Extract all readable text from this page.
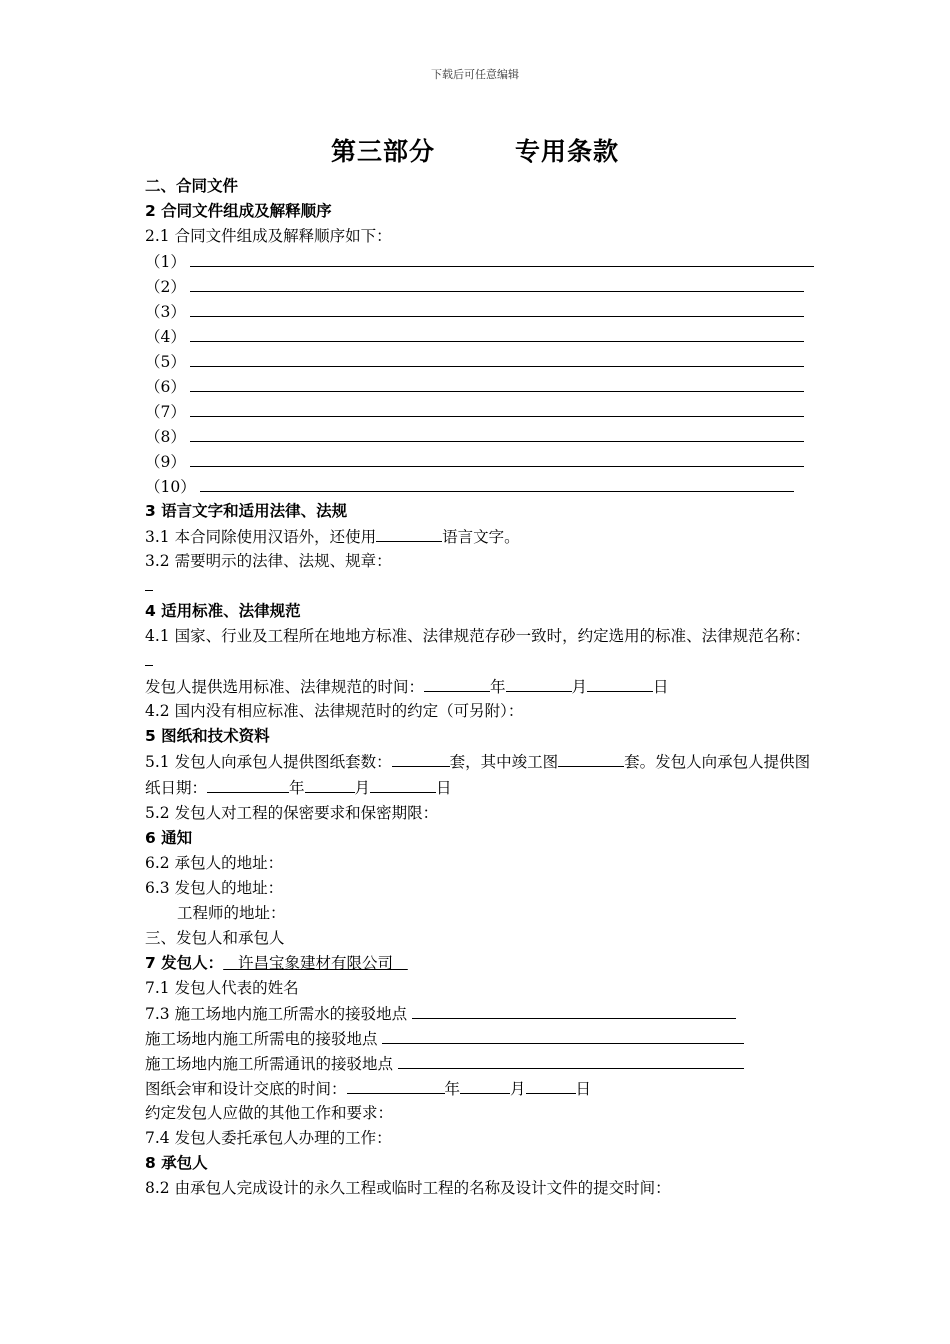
下载后可任意编辑
第三部分	专用条款
二、合同文件
2 合同文件组成及解释顺序
2.1 合同文件组成及解释顺序如下：
（1）
（2）
（3）
（4）
（5）
（6）
（7）
（8）
（9）
（10）
3 语言文字和适用法律、法规
3.1 本合同除使用汉语外，还使用	语言文字。
3.2 需要明示的法律、法规、规章：
4 适用标准、法律规范
4.1 国家、行业及工程所在地地方标准、法律规范存砂一致时，约定选用的标准、法律规范名称：
发包人提供选用标准、法律规范的时间：	年	月	日
4.2 国内没有相应标准、法律规范时的约定（可另附）：
5 图纸和技术资料
5.1 发包人向承包人提供图纸套数：	套，其中竣工图	套。发包人向承包人提供图纸日期：	年	月	日
5.2 发包人对工程的保密要求和保密期限：
6 通知
6.2 承包人的地址：
6.3 发包人的地址：
工程师的地址：
三、发包人和承包人
7 发包人： 许昌宝象建材有限公司
7.1 发包人代表的姓名
7.3 施工场地内施工所需水的接驳地点
施工场地内施工所需电的接驳地点
施工场地内施工所需通讯的接驳地点
图纸会审和设计交底的时间：	年	月	日
约定发包人应做的其他工作和要求：
7.4 发包人委托承包人办理的工作：
8 承包人
8.2 由承包人完成设计的永久工程或临时工程的名称及设计文件的提交时间：
